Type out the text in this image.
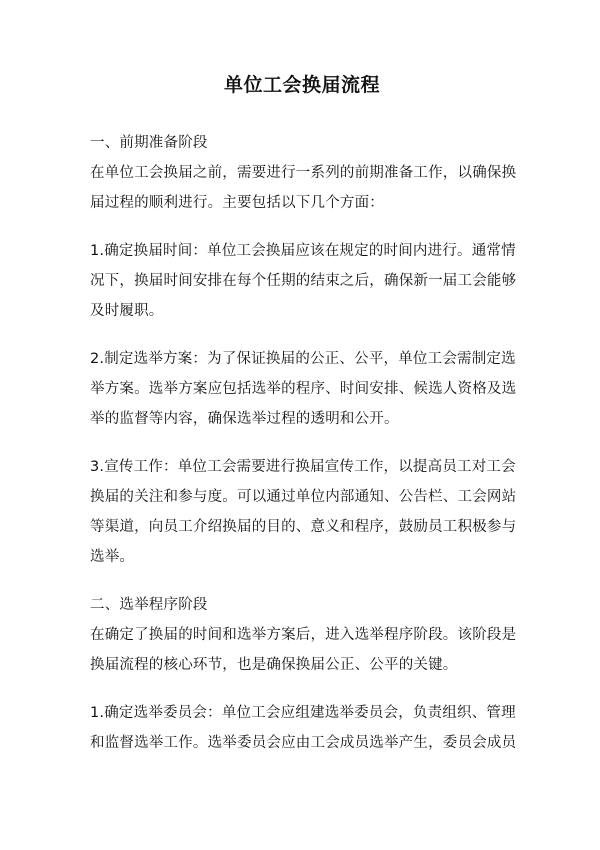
单位工会换届流程

一、前期准备阶段

在单位工会换届之前，需要进行一系列的前期准备工作，以确保换

届过程的顺利进行。主要包括以下几个方面：

1.确定换届时间：单位工会换届应该在规定的时间内进行。通常情

况下，换届时间安排在每个任期的结束之后，确保新一届工会能够

及时履职。

2.制定选举方案：为了保证换届的公正、公平，单位工会需制定选

举方案。选举方案应包括选举的程序、时间安排、候选人资格及选

举的监督等内容，确保选举过程的透明和公开。

3.宣传工作：单位工会需要进行换届宣传工作，以提高员工对工会

换届的关注和参与度。可以通过单位内部通知、公告栏、工会网站

等渠道，向员工介绍换届的目的、意义和程序，鼓励员工积极参与

选举。

二、选举程序阶段

在确定了换届的时间和选举方案后，进入选举程序阶段。该阶段是

换届流程的核心环节，也是确保换届公正、公平的关键。

1.确定选举委员会：单位工会应组建选举委员会，负责组织、管理

和监督选举工作。选举委员会应由工会成员选举产生，委员会成员
